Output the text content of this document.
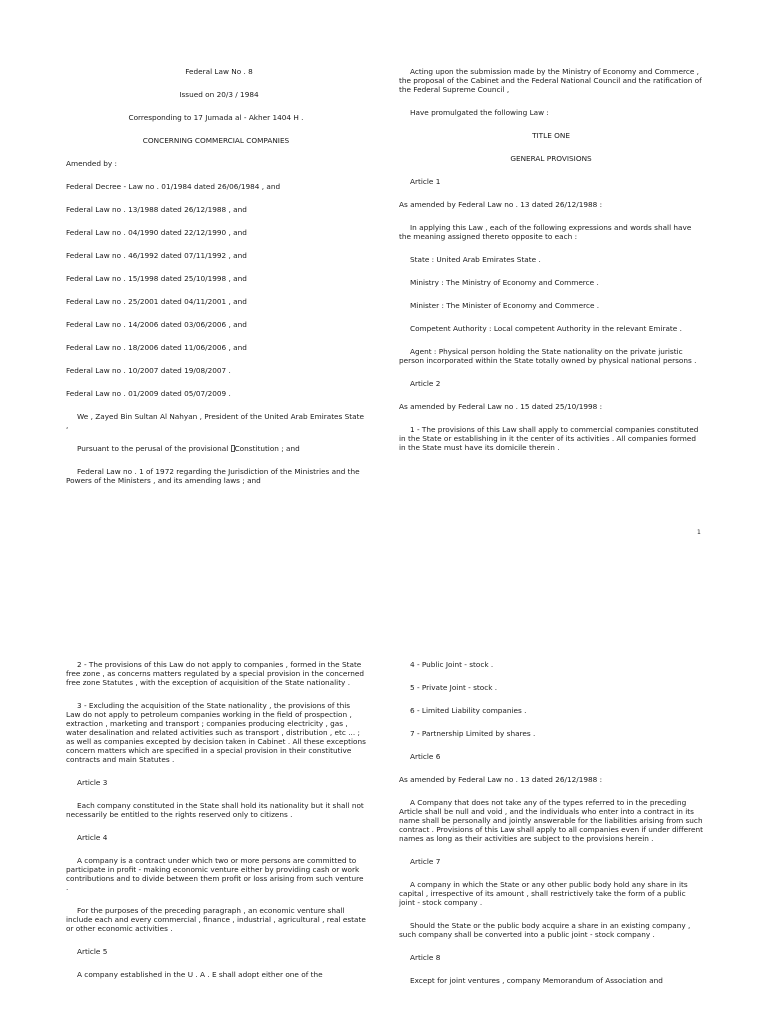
Federal Law No . 8

Issued on 20/3 / 1984

Corresponding to 17 Jumada al - Akher 1404 H .

CONCERNING COMMERCIAL COMPANIES

Amended by :

Federal Decree - Law no . 01/1984 dated 26/06/1984 , and

Federal Law no . 13/1988 dated 26/12/1988 , and

Federal Law no . 04/1990 dated 22/12/1990 , and

Federal Law no . 46/1992 dated 07/11/1992 , and

Federal Law no . 15/1998 dated 25/10/1998 , and

Federal Law no . 25/2001 dated 04/11/2001 , and

Federal Law no . 14/2006 dated 03/06/2006 , and

Federal Law no . 18/2006 dated 11/06/2006 , and

Federal Law no . 10/2007 dated 19/08/2007 .

Federal Law no . 01/2009 dated 05/07/2009 .

We , Zayed Bin Sultan Al Nahyan , President of the United Arab Emirates State ,

Pursuant to the perusal of the provisional Constitution ; and

Federal Law no . 1 of 1972 regarding the Jurisdiction of the Ministries and the Powers of the Ministers , and its amending laws ; and

Acting upon the submission made by the Ministry of Economy and Commerce , the proposal of the Cabinet and the Federal National Council and the ratification of the Federal Supreme Council ,

Have promulgated the following Law :

TITLE ONE

GENERAL PROVISIONS

Article 1

As amended by Federal Law no . 13 dated 26/12/1988 :

In applying this Law , each of the following expressions and words shall have the meaning assigned thereto opposite to each :

State : United Arab Emirates State .

Ministry : The Ministry of Economy and Commerce .

Minister : The Minister of Economy and Commerce .

Competent Authority : Local competent Authority in the relevant Emirate .

Agent : Physical person holding the State nationality on the private juristic person incorporated within the State totally owned by physical national persons .

Article 2

As amended by Federal Law no . 15 dated 25/10/1998 :

1 - The provisions of this Law shall apply to commercial companies constituted in the State or establishing in it the center of its activities . All companies formed in the State must have its domicile therein .

1

2 - The provisions of this Law do not apply to companies , formed in the State free zone , as concerns matters regulated by a special provision in the concerned free zone Statutes , with the exception of acquisition of the State nationality .

3 - Excluding the acquisition of the State nationality , the provisions of this Law do not apply to petroleum companies working in the field of prospection , extraction , marketing and transport ; companies producing electricity , gas , water desalination and related activities such as transport , distribution , etc ... ; as well as companies excepted by decision taken in Cabinet . All these exceptions concern matters which are specified in a special provision in their constitutive contracts and main Statutes .

Article 3

Each company constituted in the State shall hold its nationality but it shall not necessarily be entitled to the rights reserved only to citizens .

Article 4

A company is a contract under which two or more persons are committed to participate in profit - making economic venture either by providing cash or work contributions and to divide between them profit or loss arising from such venture .

For the purposes of the preceding paragraph , an economic venture shall include each and every commercial , finance , industrial , agricultural , real estate or other economic activities .

Article 5

A company established in the U . A . E shall adopt either one of the

4 - Public Joint - stock .

5 - Private Joint - stock .

6 - Limited Liability companies .

7 - Partnership Limited by shares .

Article 6

As amended by Federal Law no . 13 dated 26/12/1988 :

A Company that does not take any of the types referred to in the preceding Article shall be null and void , and the individuals who enter into a contract in its name shall be personally and jointly answerable for the liabilities arising from such contract . Provisions of this Law shall apply to all companies even if under different names as long as their activities are subject to the provisions herein .

Article 7

A company in which the State or any other public body hold any share in its capital , irrespective of its amount , shall restrictively take the form of a public joint - stock company .

Should the State or the public body acquire a share in an existing company , such company shall be converted into a public joint - stock company .

Article 8

Except for joint ventures , company Memorandum of Association and
